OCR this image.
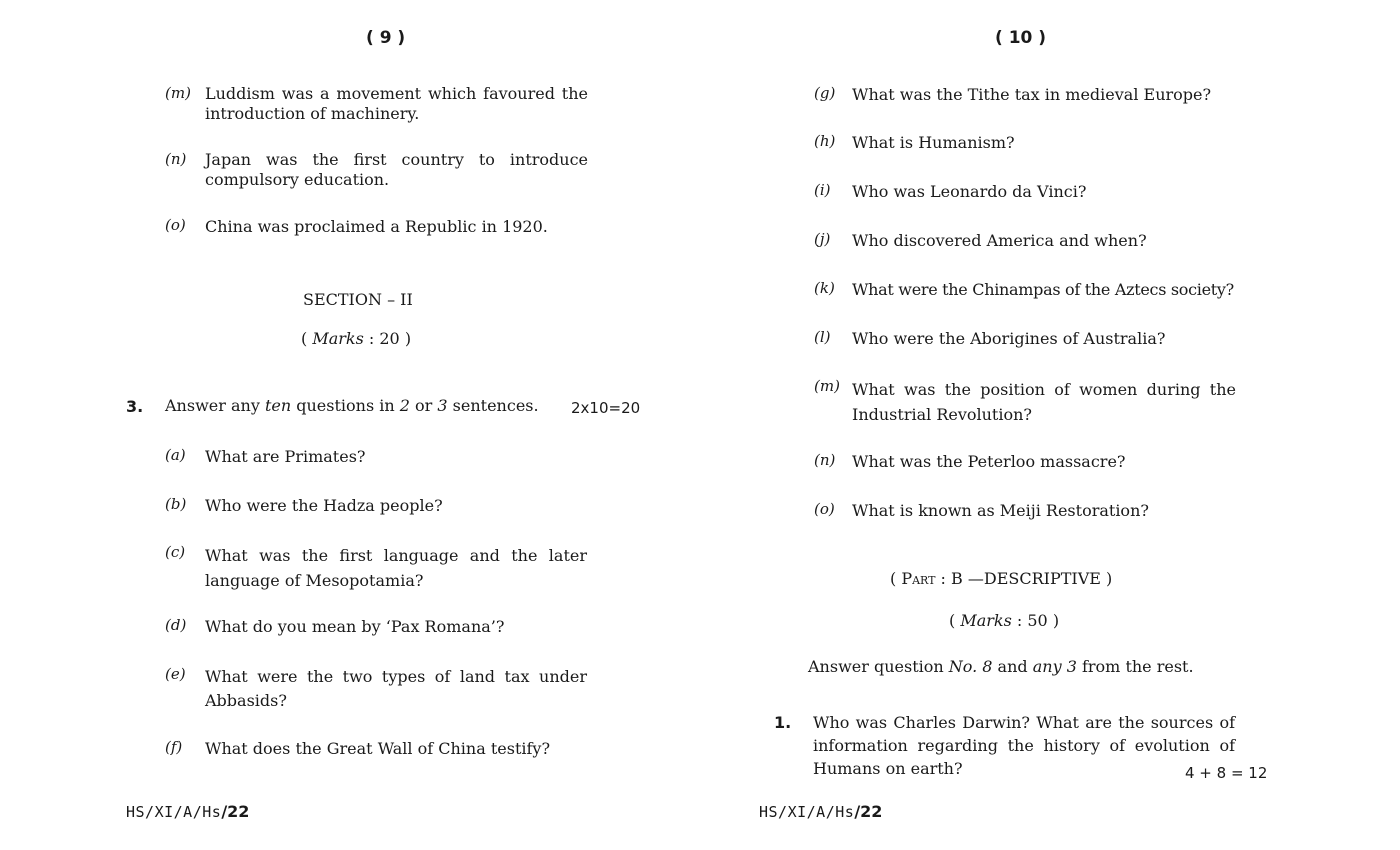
( 9 )
(m) Luddism was a movement which favoured the introduction of machinery.
(n) Japan was the first country to introduce compulsory education.
(o) China was proclaimed a Republic in 1920.
SECTION – II
( Marks : 20 )
3. Answer any ten questions in 2 or 3 sentences. 2x10=20
(a) What are Primates?
(b) Who were the Hadza people?
(c) What was the first language and the later language of Mesopotamia?
(d) What do you mean by ‘Pax Romana’?
(e) What were the two types of land tax under Abbasids?
(f) What does the Great Wall of China testify?
HS/XI/A/Hs/22
( 10 )
(g) What was the Tithe tax in medieval Europe?
(h) What is Humanism?
(i) Who was Leonardo da Vinci?
(j) Who discovered America and when?
(k) What were the Chinampas of the Aztecs society?
(l) Who were the Aborigines of Australia?
(m) What was the position of women during the Industrial Revolution?
(n) What was the Peterloo massacre?
(o) What is known as Meiji Restoration?
( Part : B —DESCRIPTIVE )
( Marks : 50 )
Answer question No. 8 and any 3 from the rest.
1. Who was Charles Darwin? What are the sources of information regarding the history of evolution of Humans on earth?	4 + 8 = 12
HS/XI/A/Hs/22
